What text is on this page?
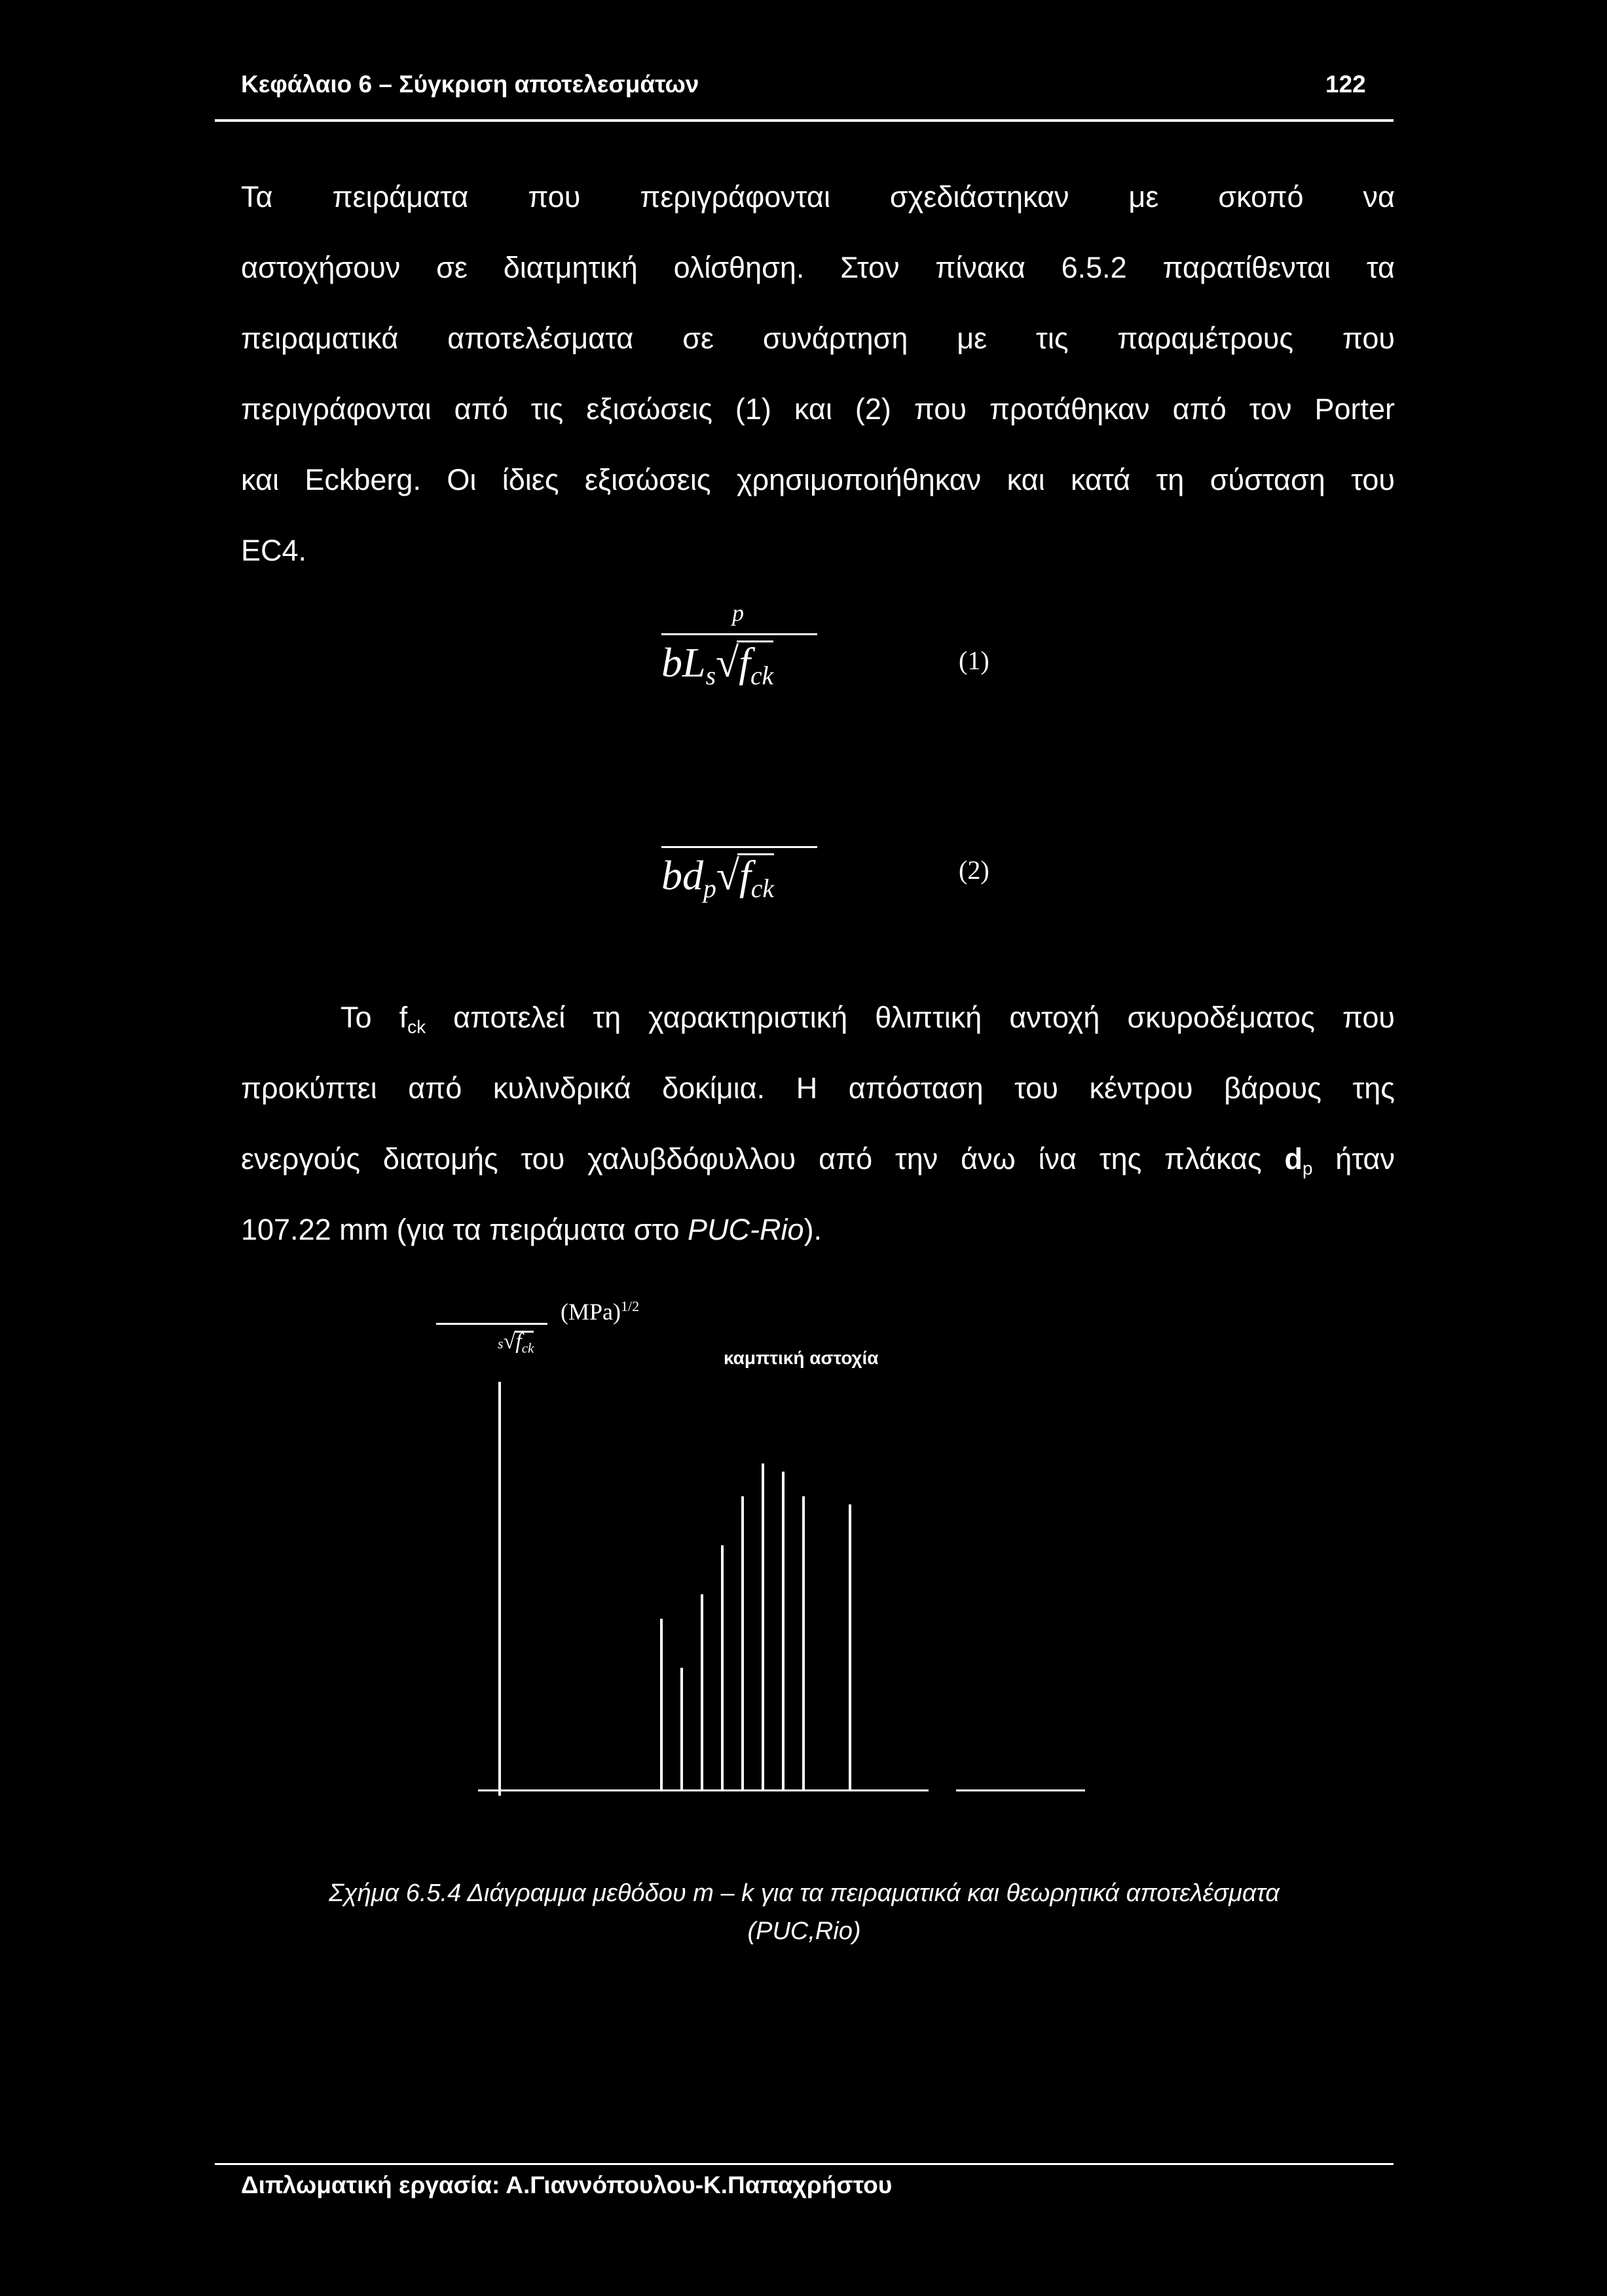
Κεφάλαιο 6 – Σύγκριση αποτελεσμάτων	122
Τα πειράματα που περιγράφονται σχεδιάστηκαν με σκοπό να
αστοχήσουν σε διατμητική ολίσθηση. Στον πίνακα 6.5.2 παρατίθενται τα
πειραματικά αποτελέσματα σε συνάρτηση με τις παραμέτρους που
περιγράφονται από τις εξισώσεις (1) και (2) που προτάθηκαν από τον Porter
και Eckberg. Οι ίδιες εξισώσεις χρησιμοποιήθηκαν και κατά τη σύσταση του
EC4.
p
$bL_s√f_{ck}$
(1)
$bd_p√f_{ck}$
(2)
Το $f_{ck}$ αποτελεί τη χαρακτηριστική θλιπτική αντοχή σκυροδέματος που
προκύπτει από κυλινδρικά δοκίμια. Η απόσταση του κέντρου βάρους της
ενεργούς διατομής του χαλυβδόφυλλου από την άνω ίνα της πλάκας $d_p$ ήταν
107.22 mm (για τα πειράματα στο PUC-Rio).
$s√f_{ck}$
(MPa)$^{1/2}$
καμπτική αστοχία
Σχήμα 6.5.4 Διάγραμμα μεθόδου m – k για τα πειραματικά και θεωρητικά αποτελέσματα
(PUC,Rio)
Διπλωματική εργασία: Α.Γιαννόπουλου-Κ.Παπαχρήστου
